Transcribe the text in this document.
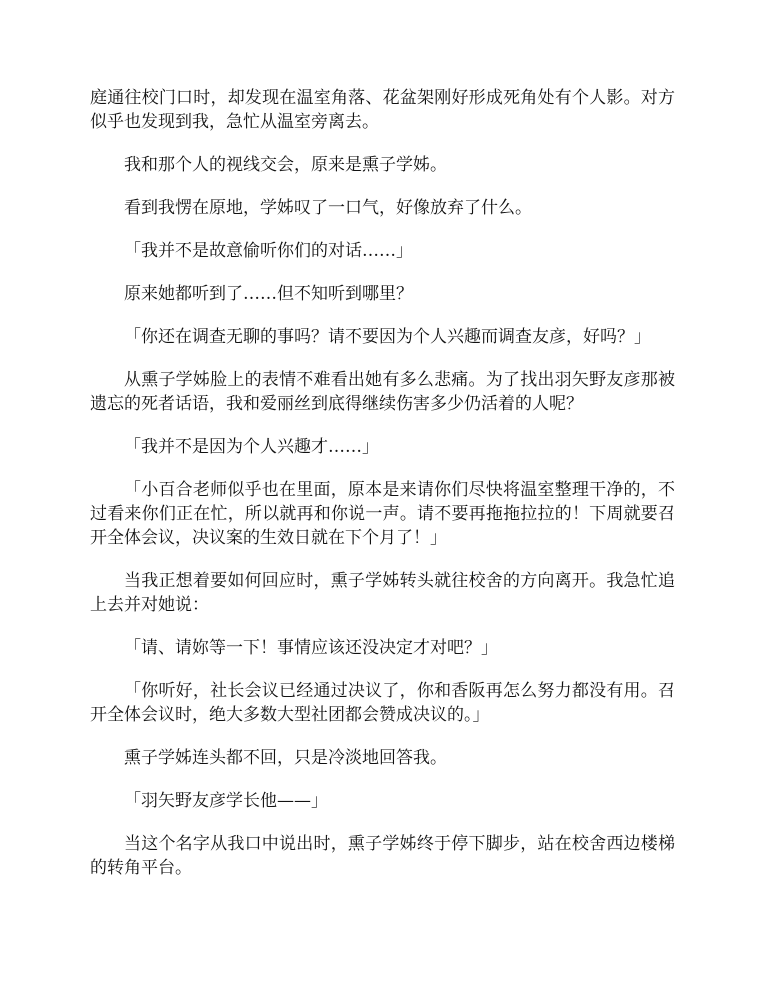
庭通往校门口时，却发现在温室角落、花盆架刚好形成死角处有个人影。对方似乎也发现到我，急忙从温室旁离去。

我和那个人的视线交会，原来是熏子学姊。

看到我愣在原地，学姊叹了一口气，好像放弃了什么。

「我并不是故意偷听你们的对话……」

原来她都听到了……但不知听到哪里？

「你还在调查无聊的事吗？请不要因为个人兴趣而调查友彦，好吗？」

从熏子学姊脸上的表情不难看出她有多么悲痛。为了找出羽矢野友彦那被遗忘的死者话语，我和爱丽丝到底得继续伤害多少仍活着的人呢？

「我并不是因为个人兴趣才……」

「小百合老师似乎也在里面，原本是来请你们尽快将温室整理干净的，不过看来你们正在忙，所以就再和你说一声。请不要再拖拖拉拉的！下周就要召开全体会议，决议案的生效日就在下个月了！」

当我正想着要如何回应时，熏子学姊转头就往校舍的方向离开。我急忙追上去并对她说：

「请、请妳等一下！事情应该还没决定才对吧？」

「你听好，社长会议已经通过决议了，你和香阪再怎么努力都没有用。召开全体会议时，绝大多数大型社团都会赞成决议的。」

熏子学姊连头都不回，只是冷淡地回答我。

「羽矢野友彦学长他——」

当这个名字从我口中说出时，熏子学姊终于停下脚步，站在校舍西边楼梯的转角平台。
